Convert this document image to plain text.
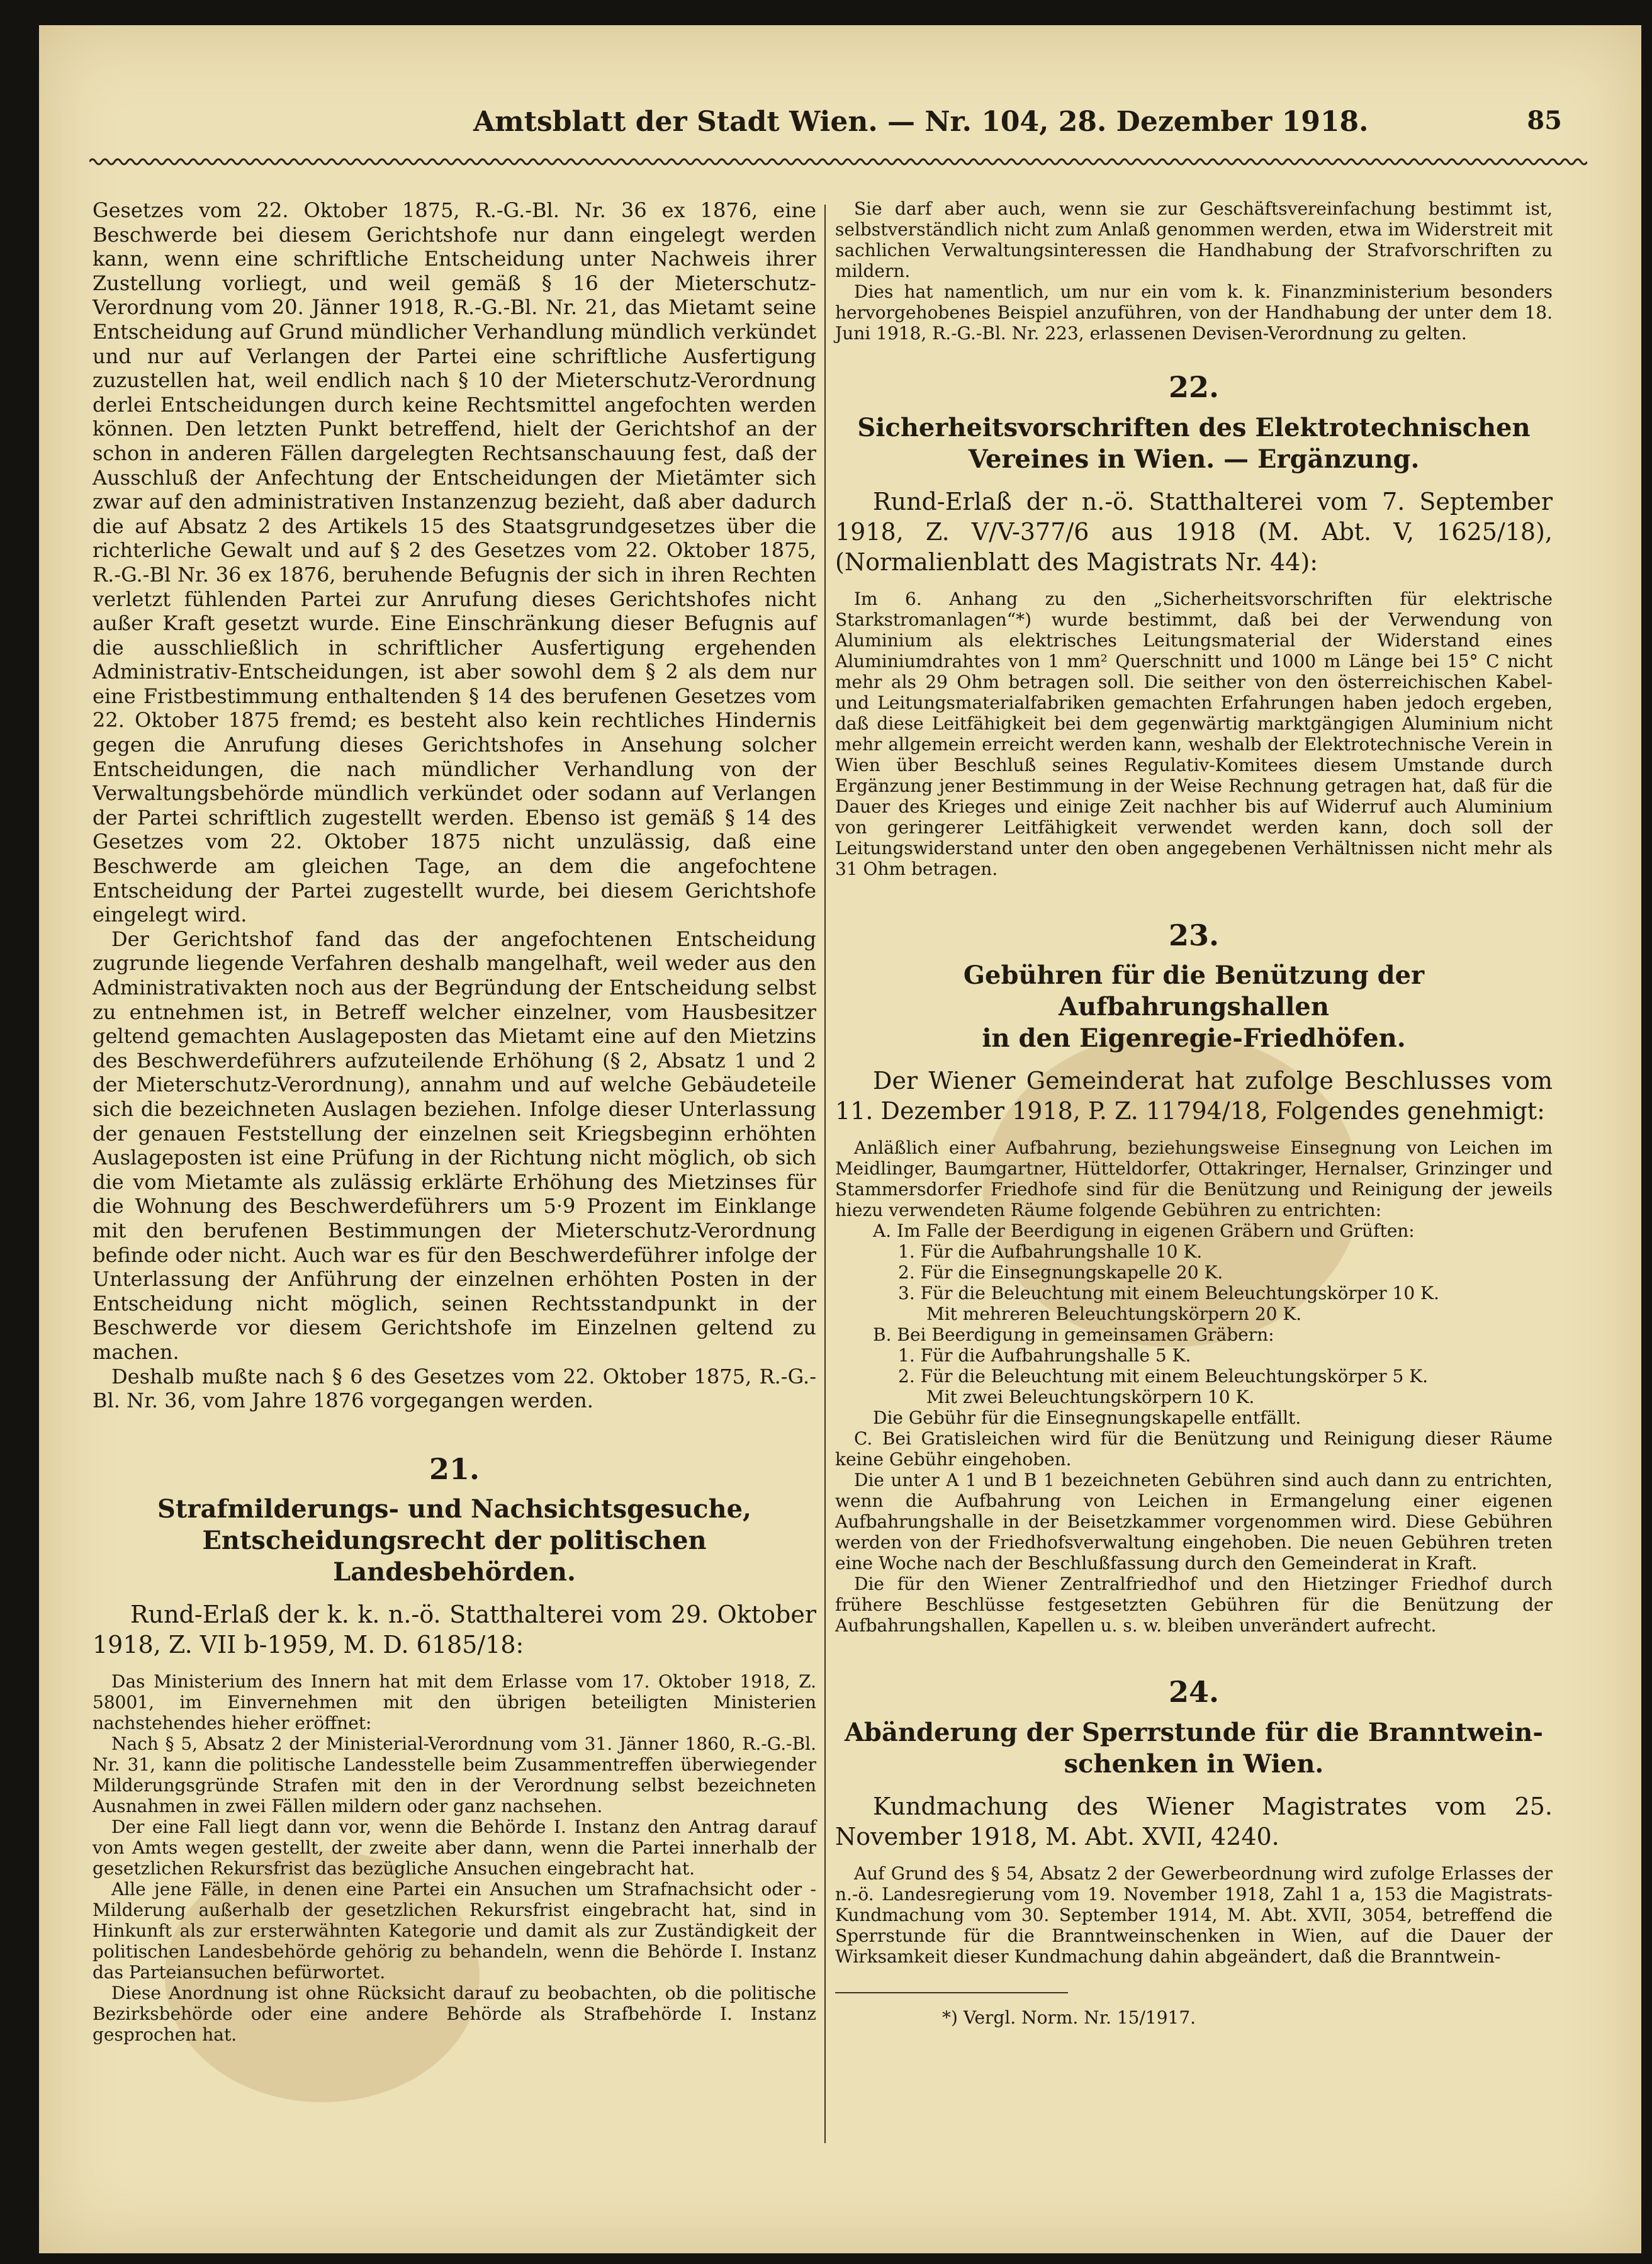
Amtsblatt der Stadt Wien. — Nr. 104, 28. Dezember 1918.	85

Gesetzes vom 22. Oktober 1875, R.-G.-Bl. Nr. 36 ex 1876, eine Beschwerde bei diesem Gerichtshofe nur dann eingelegt werden kann, wenn eine schriftliche Entscheidung unter Nachweis ihrer Zustellung vorliegt, und weil gemäß § 16 der Mieterschutz-Verordnung vom 20. Jänner 1918, R.-G.-Bl. Nr. 21, das Mietamt seine Entscheidung auf Grund mündlicher Verhandlung mündlich verkündet und nur auf Verlangen der Partei eine schriftliche Ausfertigung zuzustellen hat, weil endlich nach § 10 der Mieterschutz-Verordnung derlei Entscheidungen durch keine Rechtsmittel angefochten werden können. Den letzten Punkt betreffend, hielt der Gerichtshof an der schon in anderen Fällen dargelegten Rechtsanschauung fest, daß der Ausschluß der Anfechtung der Entscheidungen der Mietämter sich zwar auf den administrativen Instanzenzug bezieht, daß aber dadurch die auf Absatz 2 des Artikels 15 des Staatsgrundgesetzes über die richterliche Gewalt und auf § 2 des Gesetzes vom 22. Oktober 1875, R.-G.-Bl Nr. 36 ex 1876, beruhende Befugnis der sich in ihren Rechten verletzt fühlenden Partei zur Anrufung dieses Gerichtshofes nicht außer Kraft gesetzt wurde. Eine Einschränkung dieser Befugnis auf die ausschließlich in schriftlicher Ausfertigung ergehenden Administrativ-Entscheidungen, ist aber sowohl dem § 2 als dem nur eine Fristbestimmung enthaltenden § 14 des berufenen Gesetzes vom 22. Oktober 1875 fremd; es besteht also kein rechtliches Hindernis gegen die Anrufung dieses Gerichtshofes in Ansehung solcher Entscheidungen, die nach mündlicher Verhandlung von der Verwaltungsbehörde mündlich verkündet oder sodann auf Verlangen der Partei schriftlich zugestellt werden. Ebenso ist gemäß § 14 des Gesetzes vom 22. Oktober 1875 nicht unzulässig, daß eine Beschwerde am gleichen Tage, an dem die angefochtene Entscheidung der Partei zugestellt wurde, bei diesem Gerichtshofe eingelegt wird.

Der Gerichtshof fand das der angefochtenen Entscheidung zugrunde liegende Verfahren deshalb mangelhaft, weil weder aus den Administrativakten noch aus der Begründung der Entscheidung selbst zu entnehmen ist, in Betreff welcher einzelner, vom Hausbesitzer geltend gemachten Auslageposten das Mietamt eine auf den Mietzins des Beschwerdeführers aufzuteilende Erhöhung (§ 2, Absatz 1 und 2 der Mieterschutz-Verordnung), annahm und auf welche Gebäudeteile sich die bezeichneten Auslagen beziehen. Infolge dieser Unterlassung der genauen Feststellung der einzelnen seit Kriegsbeginn erhöhten Auslageposten ist eine Prüfung in der Richtung nicht möglich, ob sich die vom Mietamte als zulässig erklärte Erhöhung des Mietzinses für die Wohnung des Beschwerdeführers um 5·9 Prozent im Einklange mit den berufenen Bestimmungen der Mieterschutz-Verordnung befinde oder nicht. Auch war es für den Beschwerdeführer infolge der Unterlassung der Anführung der einzelnen erhöhten Posten in der Entscheidung nicht möglich, seinen Rechtsstandpunkt in der Beschwerde vor diesem Gerichtshofe im Einzelnen geltend zu machen.

Deshalb mußte nach § 6 des Gesetzes vom 22. Oktober 1875, R.-G.-Bl. Nr. 36, vom Jahre 1876 vorgegangen werden.

21.
Strafmilderungs- und Nachsichtsgesuche,
Entscheidungsrecht der politischen Landesbehörden.

Rund-Erlaß der k. k. n.-ö. Statthalterei vom 29. Oktober 1918, Z. VII b-1959, M. D. 6185/18:

Das Ministerium des Innern hat mit dem Erlasse vom 17. Oktober 1918, Z. 58001, im Einvernehmen mit den übrigen beteiligten Ministerien nachstehendes hieher eröffnet:

Nach § 5, Absatz 2 der Ministerial-Verordnung vom 31. Jänner 1860, R.-G.-Bl. Nr. 31, kann die politische Landesstelle beim Zusammentreffen überwiegender Milderungsgründe Strafen mit den in der Verordnung selbst bezeichneten Ausnahmen in zwei Fällen mildern oder ganz nachsehen.

Der eine Fall liegt dann vor, wenn die Behörde I. Instanz den Antrag darauf von Amts wegen gestellt, der zweite aber dann, wenn die Partei innerhalb der gesetzlichen Rekursfrist das bezügliche Ansuchen eingebracht hat.

Alle jene Fälle, in denen eine Partei ein Ansuchen um Strafnachsicht oder -Milderung außerhalb der gesetzlichen Rekursfrist eingebracht hat, sind in Hinkunft als zur ersterwähnten Kategorie und damit als zur Zuständigkeit der politischen Landesbehörde gehörig zu behandeln, wenn die Behörde I. Instanz das Parteiansuchen befürwortet.

Diese Anordnung ist ohne Rücksicht darauf zu beobachten, ob die politische Bezirksbehörde oder eine andere Behörde als Strafbehörde I. Instanz gesprochen hat.

Sie darf aber auch, wenn sie zur Geschäftsvereinfachung bestimmt ist, selbstverständlich nicht zum Anlaß genommen werden, etwa im Widerstreit mit sachlichen Verwaltungsinteressen die Handhabung der Strafvorschriften zu mildern.

Dies hat namentlich, um nur ein vom k. k. Finanzministerium besonders hervorgehobenes Beispiel anzuführen, von der Handhabung der unter dem 18. Juni 1918, R.-G.-Bl. Nr. 223, erlassenen Devisen-Verordnung zu gelten.

22.
Sicherheitsvorschriften des Elektrotechnischen
Vereines in Wien. — Ergänzung.

Rund-Erlaß der n.-ö. Statthalterei vom 7. September 1918, Z. V/V-377/6 aus 1918 (M. Abt. V, 1625/18), (Normalienblatt des Magistrats Nr. 44):

Im 6. Anhang zu den „Sicherheitsvorschriften für elektrische Starkstromanlagen“*) wurde bestimmt, daß bei der Verwendung von Aluminium als elektrisches Leitungsmaterial der Widerstand eines Aluminiumdrahtes von 1 mm² Querschnitt und 1000 m Länge bei 15° C nicht mehr als 29 Ohm betragen soll. Die seither von den österreichischen Kabel- und Leitungsmaterialfabriken gemachten Erfahrungen haben jedoch ergeben, daß diese Leitfähigkeit bei dem gegenwärtig marktgängigen Aluminium nicht mehr allgemein erreicht werden kann, weshalb der Elektrotechnische Verein in Wien über Beschluß seines Regulativ-Komitees diesem Umstande durch Ergänzung jener Bestimmung in der Weise Rechnung getragen hat, daß für die Dauer des Krieges und einige Zeit nachher bis auf Widerruf auch Aluminium von geringerer Leitfähigkeit verwendet werden kann, doch soll der Leitungswiderstand unter den oben angegebenen Verhältnissen nicht mehr als 31 Ohm betragen.

23.
Gebühren für die Benützung der Aufbahrungshallen
in den Eigenregie-Friedhöfen.

Der Wiener Gemeinderat hat zufolge Beschlusses vom 11. Dezember 1918, P. Z. 11794/18, Folgendes genehmigt:

Anläßlich einer Aufbahrung, beziehungsweise Einsegnung von Leichen im Meidlinger, Baumgartner, Hütteldorfer, Ottakringer, Hernalser, Grinzinger und Stammersdorfer Friedhofe sind für die Benützung und Reinigung der jeweils hiezu verwendeten Räume folgende Gebühren zu entrichten:

A. Im Falle der Beerdigung in eigenen Gräbern und Grüften:

1. Für die Aufbahrungshalle 10 K.

2. Für die Einsegnungskapelle 20 K.

3. Für die Beleuchtung mit einem Beleuchtungskörper 10 K.

Mit mehreren Beleuchtungskörpern 20 K.

B. Bei Beerdigung in gemeinsamen Gräbern:

1. Für die Aufbahrungshalle 5 K.

2. Für die Beleuchtung mit einem Beleuchtungskörper 5 K.

Mit zwei Beleuchtungskörpern 10 K.

Die Gebühr für die Einsegnungskapelle entfällt.

C. Bei Gratisleichen wird für die Benützung und Reinigung dieser Räume keine Gebühr eingehoben.

Die unter A 1 und B 1 bezeichneten Gebühren sind auch dann zu entrichten, wenn die Aufbahrung von Leichen in Ermangelung einer eigenen Aufbahrungshalle in der Beisetzkammer vorgenommen wird. Diese Gebühren werden von der Friedhofsverwaltung eingehoben. Die neuen Gebühren treten eine Woche nach der Beschlußfassung durch den Gemeinderat in Kraft.

Die für den Wiener Zentralfriedhof und den Hietzinger Friedhof durch frühere Beschlüsse festgesetzten Gebühren für die Benützung der Aufbahrungshallen, Kapellen u. s. w. bleiben unverändert aufrecht.

24.
Abänderung der Sperrstunde für die Branntwein-
schenken in Wien.

Kundmachung des Wiener Magistrates vom 25. November 1918, M. Abt. XVII, 4240.

Auf Grund des § 54, Absatz 2 der Gewerbeordnung wird zufolge Erlasses der n.-ö. Landesregierung vom 19. November 1918, Zahl 1 a, 153 die Magistrats-Kundmachung vom 30. September 1914, M. Abt. XVII, 3054, betreffend die Sperrstunde für die Branntweinschenken in Wien, auf die Dauer der Wirksamkeit dieser Kundmachung dahin abgeändert, daß die Branntwein-

*) Vergl. Norm. Nr. 15/1917.
